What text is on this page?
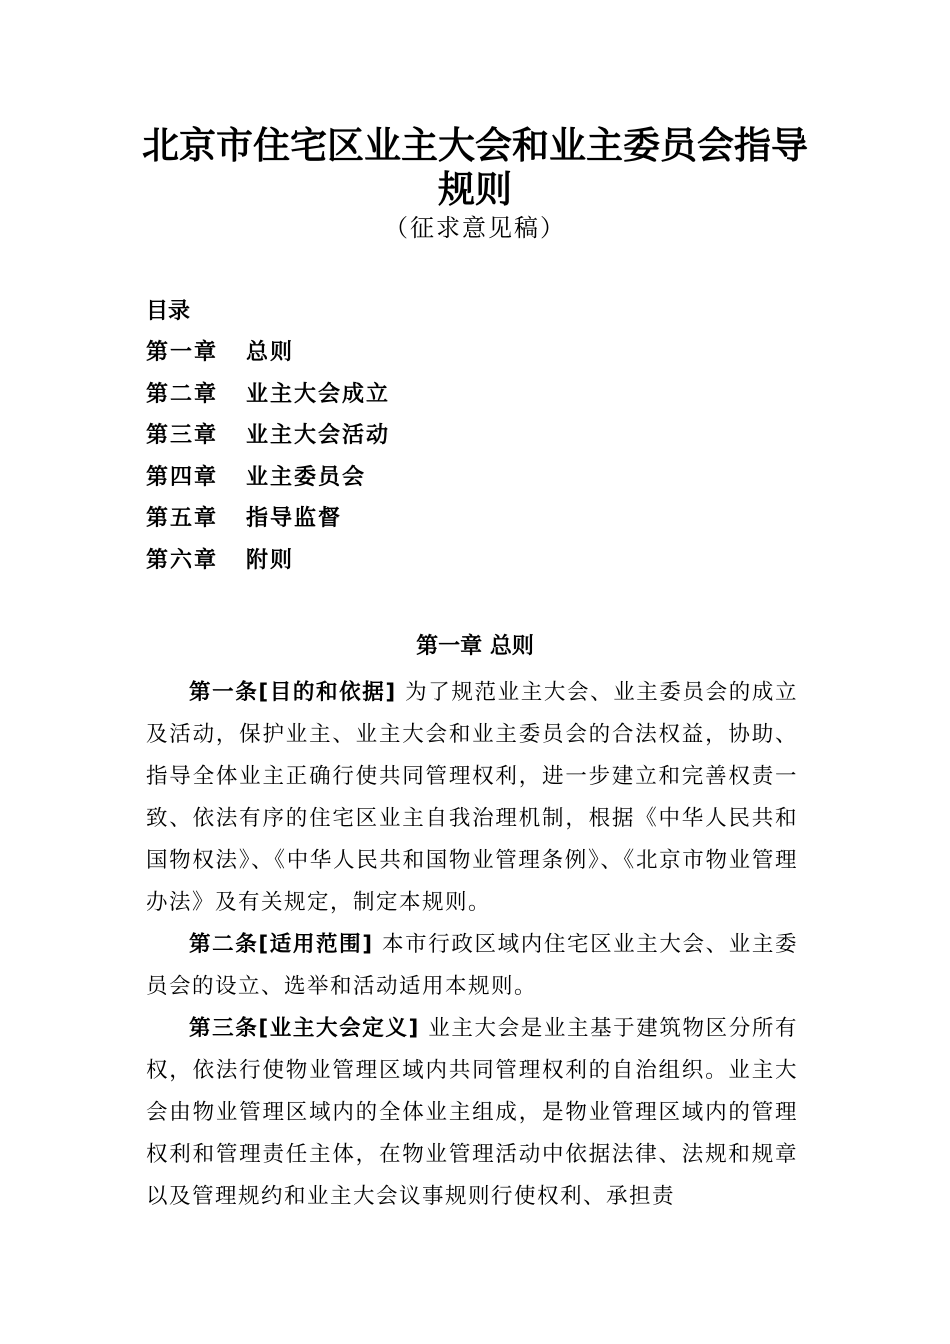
北京市住宅区业主大会和业主委员会指导
规则
（征求意见稿）
目录
第一章	总则
第二章	业主大会成立
第三章	业主大会活动
第四章	业主委员会
第五章	指导监督
第六章	附则
第一章 总则

第一条[目的和依据] 为了规范业主大会、业主委员会的成立及活动，保护业主、业主大会和业主委员会的合法权益，协助、指导全体业主正确行使共同管理权利，进一步建立和完善权责一致、依法有序的住宅区业主自我治理机制，根据《中华人民共和国物权法》、《中华人民共和国物业管理条例》、《北京市物业管理办法》及有关规定，制定本规则。

第二条[适用范围] 本市行政区域内住宅区业主大会、业主委员会的设立、选举和活动适用本规则。

第三条[业主大会定义] 业主大会是业主基于建筑物区分所有权，依法行使物业管理区域内共同管理权利的自治组织。业主大会由物业管理区域内的全体业主组成，是物业管理区域内的管理权利和管理责任主体，在物业管理活动中依据法律、法规和规章以及管理规约和业主大会议事规则行使权利、承担责
